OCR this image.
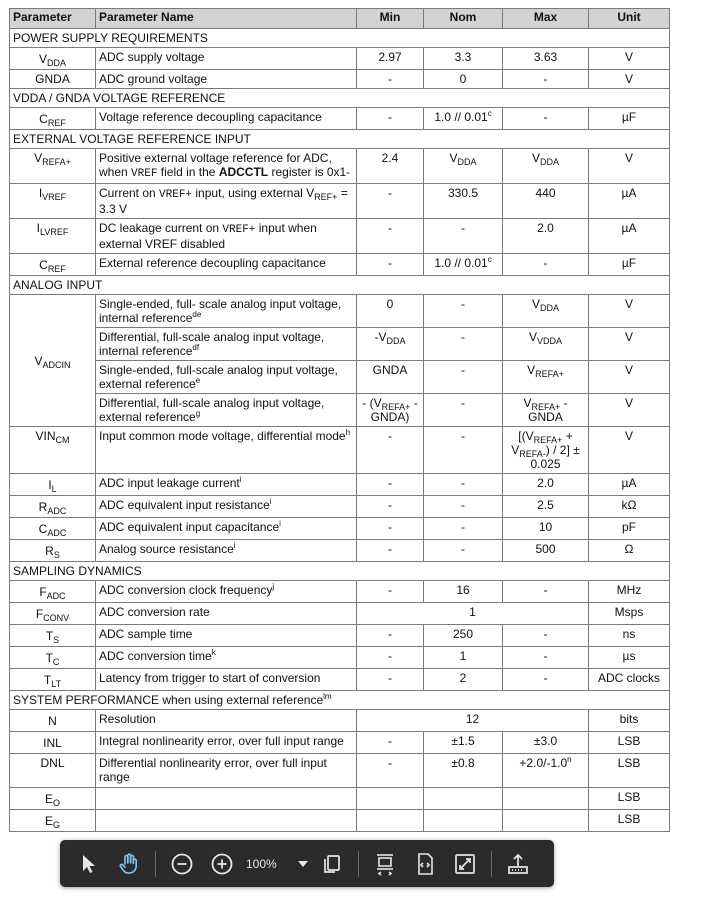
Parameter	Parameter Name	Min	Nom	Max	Unit
POWER SUPPLY REQUIREMENTS					
$V_{DDA}$	ADC supply voltage	2.97	3.3	3.63	V
GNDA	ADC ground voltage	-	0	-	V
VDDA / GNDA VOLTAGE REFERENCE					
$C_{REF}$	Voltage reference decoupling capacitance	-	1.0 // 0.01$^c$	-	µF
EXTERNAL VOLTAGE REFERENCE INPUT					
$V_{REFA+}$	Positive external voltage reference for ADC, when VREF field in the ADCCTL register is 0x1-	2.4	$V_{DDA}$	$V_{DDA}$	V
$I_{VREF}$	Current on VREF+ input, using external $V_{REF+} = 3.3$ V	-	330.5	440	µA
$I_{LVREF}$	DC leakage current on VREF+ input when external VREF disabled	-	-	2.0	µA
$C_{REF}$	External reference decoupling capacitance	-	1.0 // 0.01$^c$	-	µF
ANALOG INPUT					
$V_{ADCIN}$	Single-ended, full- scale analog input voltage, internal reference$^{de}$	0	-	$V_{DDA}$	V
	Differential, full-scale analog input voltage, internal reference$^{df}$	$-V_{DDA}$	-	$V_{VDDA}$	V
	Single-ended, full-scale analog input voltage, external reference$^e$	GNDA	-	$V_{REFA+}$	V
	Differential, full-scale analog input voltage, external reference$^g$	- ($V_{REFA+}$ - GNDA)	-	$V_{REFA+}$ - GNDA	V
$VIN_{CM}$	Input common mode voltage, differential mode$^h$	-	-	$[(V_{REFA+} + V_{REFA-}) / 2] \pm 0.025$	V
$I_L$	ADC input leakage current$^i$	-	-	2.0	µA
$R_{ADC}$	ADC equivalent input resistance$^i$	-	-	2.5	kΩ
$C_{ADC}$	ADC equivalent input capacitance$^i$	-	-	10	pF
$R_S$	Analog source resistance$^i$	-	-	500	Ω
SAMPLING DYNAMICS					
$F_{ADC}$	ADC conversion clock frequency$^j$	-	16	-	MHz
$F_{CONV}$	ADC conversion rate	1			Msps
$T_S$	ADC sample time	-	250	-	ns
$T_C$	ADC conversion time$^k$	-	1	-	µs
$T_{LT}$	Latency from trigger to start of conversion	-	2	-	ADC clocks
SYSTEM PERFORMANCE when using external reference$^{lm}$
N	Resolution	12			bits
INL	Integral nonlinearity error, over full input range	-	±1.5	±3.0	LSB
DNL	Differential nonlinearity error, over full input range	-	±0.8	$+2.0/-1.0^n$	LSB
$E_O$					LSB
$E_G$					LSB
100%
